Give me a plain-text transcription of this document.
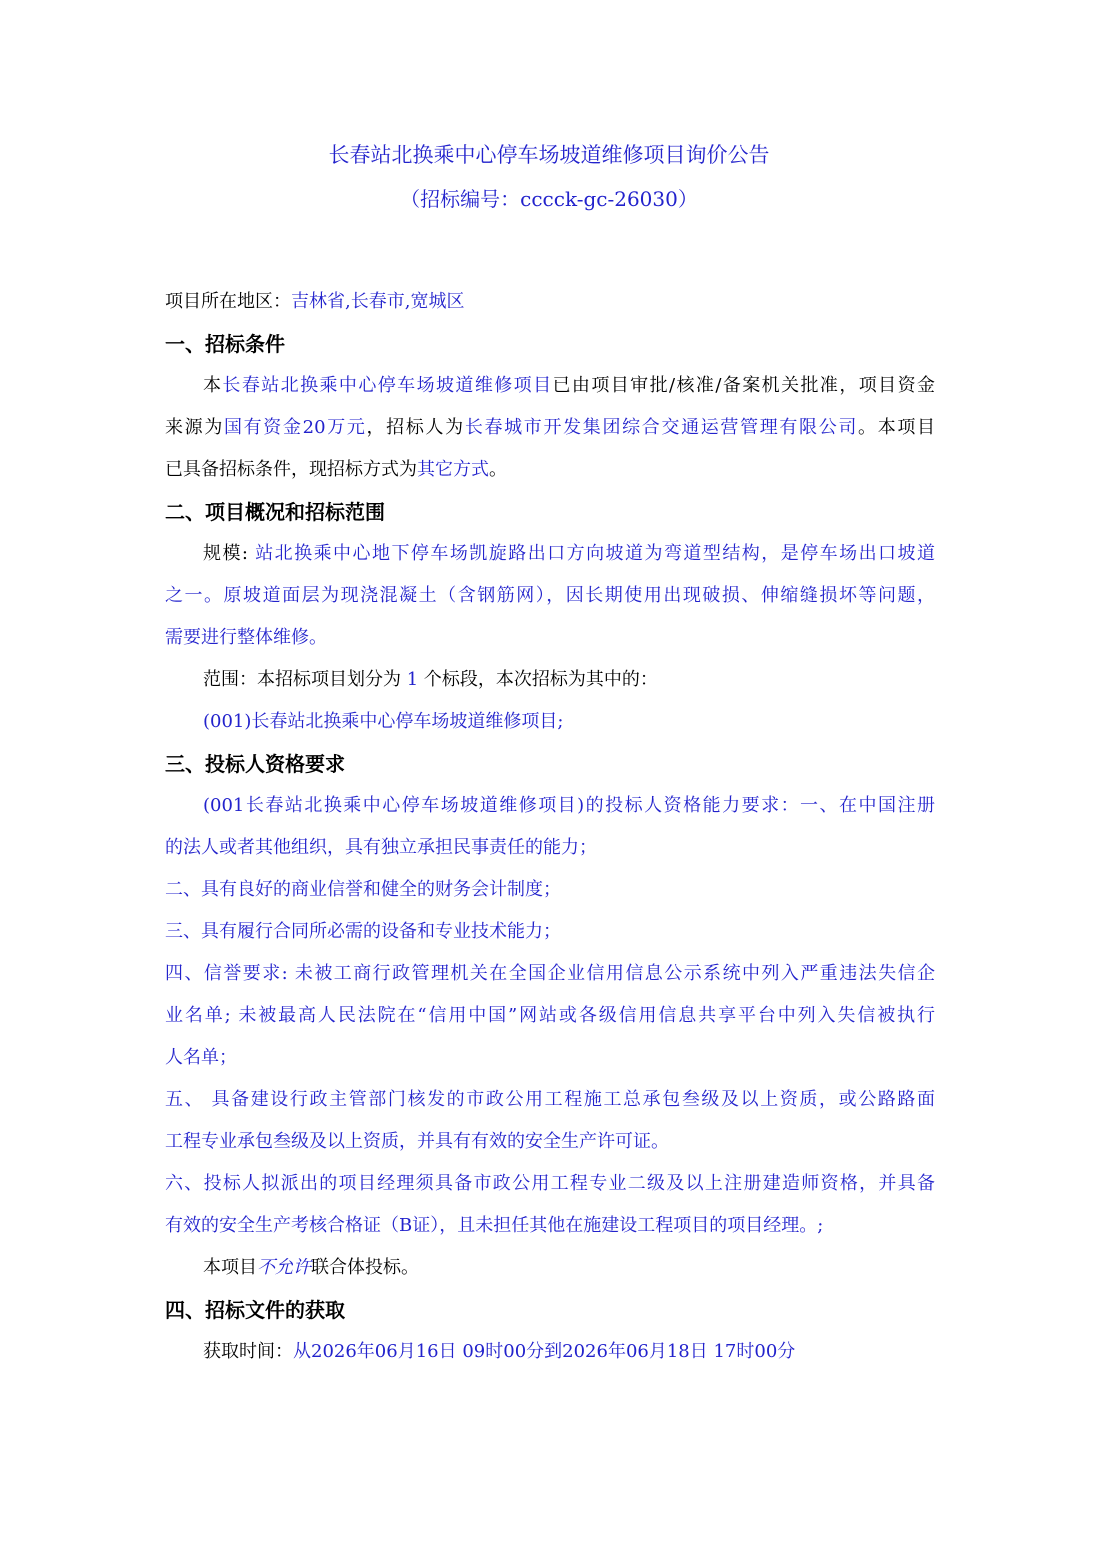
长春站北换乘中心停车场坡道维修项目询价公告
（招标编号：cccck-gc-26030）
项目所在地区：吉林省,长春市,宽城区
一、招标条件
本长春站北换乘中心停车场坡道维修项目已由项目审批/核准/备案机关批准，项目资金
来源为国有资金20万元，招标人为长春城市开发集团综合交通运营管理有限公司。本项目
已具备招标条件，现招标方式为其它方式。
二、项目概况和招标范围
规模: 站北换乘中心地下停车场凯旋路出口方向坡道为弯道型结构，是停车场出口坡道
之一。原坡道面层为现浇混凝土（含钢筋网），因长期使用出现破损、伸缩缝损坏等问题，
需要进行整体维修。
范围：本招标项目划分为 1 个标段，本次招标为其中的：
(001)长春站北换乘中心停车场坡道维修项目;
三、投标人资格要求
(001长春站北换乘中心停车场坡道维修项目)的投标人资格能力要求：一、在中国注册
的法人或者其他组织，具有独立承担民事责任的能力；
二、具有良好的商业信誉和健全的财务会计制度；
三、具有履行合同所必需的设备和专业技术能力；
四、信誉要求: 未被工商行政管理机关在全国企业信用信息公示系统中列入严重违法失信企
业名单; 未被最高人民法院在“信用中国”网站或各级信用信息共享平台中列入失信被执行
人名单；
五、 具备建设行政主管部门核发的市政公用工程施工总承包叁级及以上资质，或公路路面
工程专业承包叁级及以上资质，并具有有效的安全生产许可证。
六、投标人拟派出的项目经理须具备市政公用工程专业二级及以上注册建造师资格，并具备
有效的安全生产考核合格证（B证），且未担任其他在施建设工程项目的项目经理。;
本项目不允许联合体投标。
四、招标文件的获取
获取时间：从2026年06月16日 09时00分到2026年06月18日 17时00分
